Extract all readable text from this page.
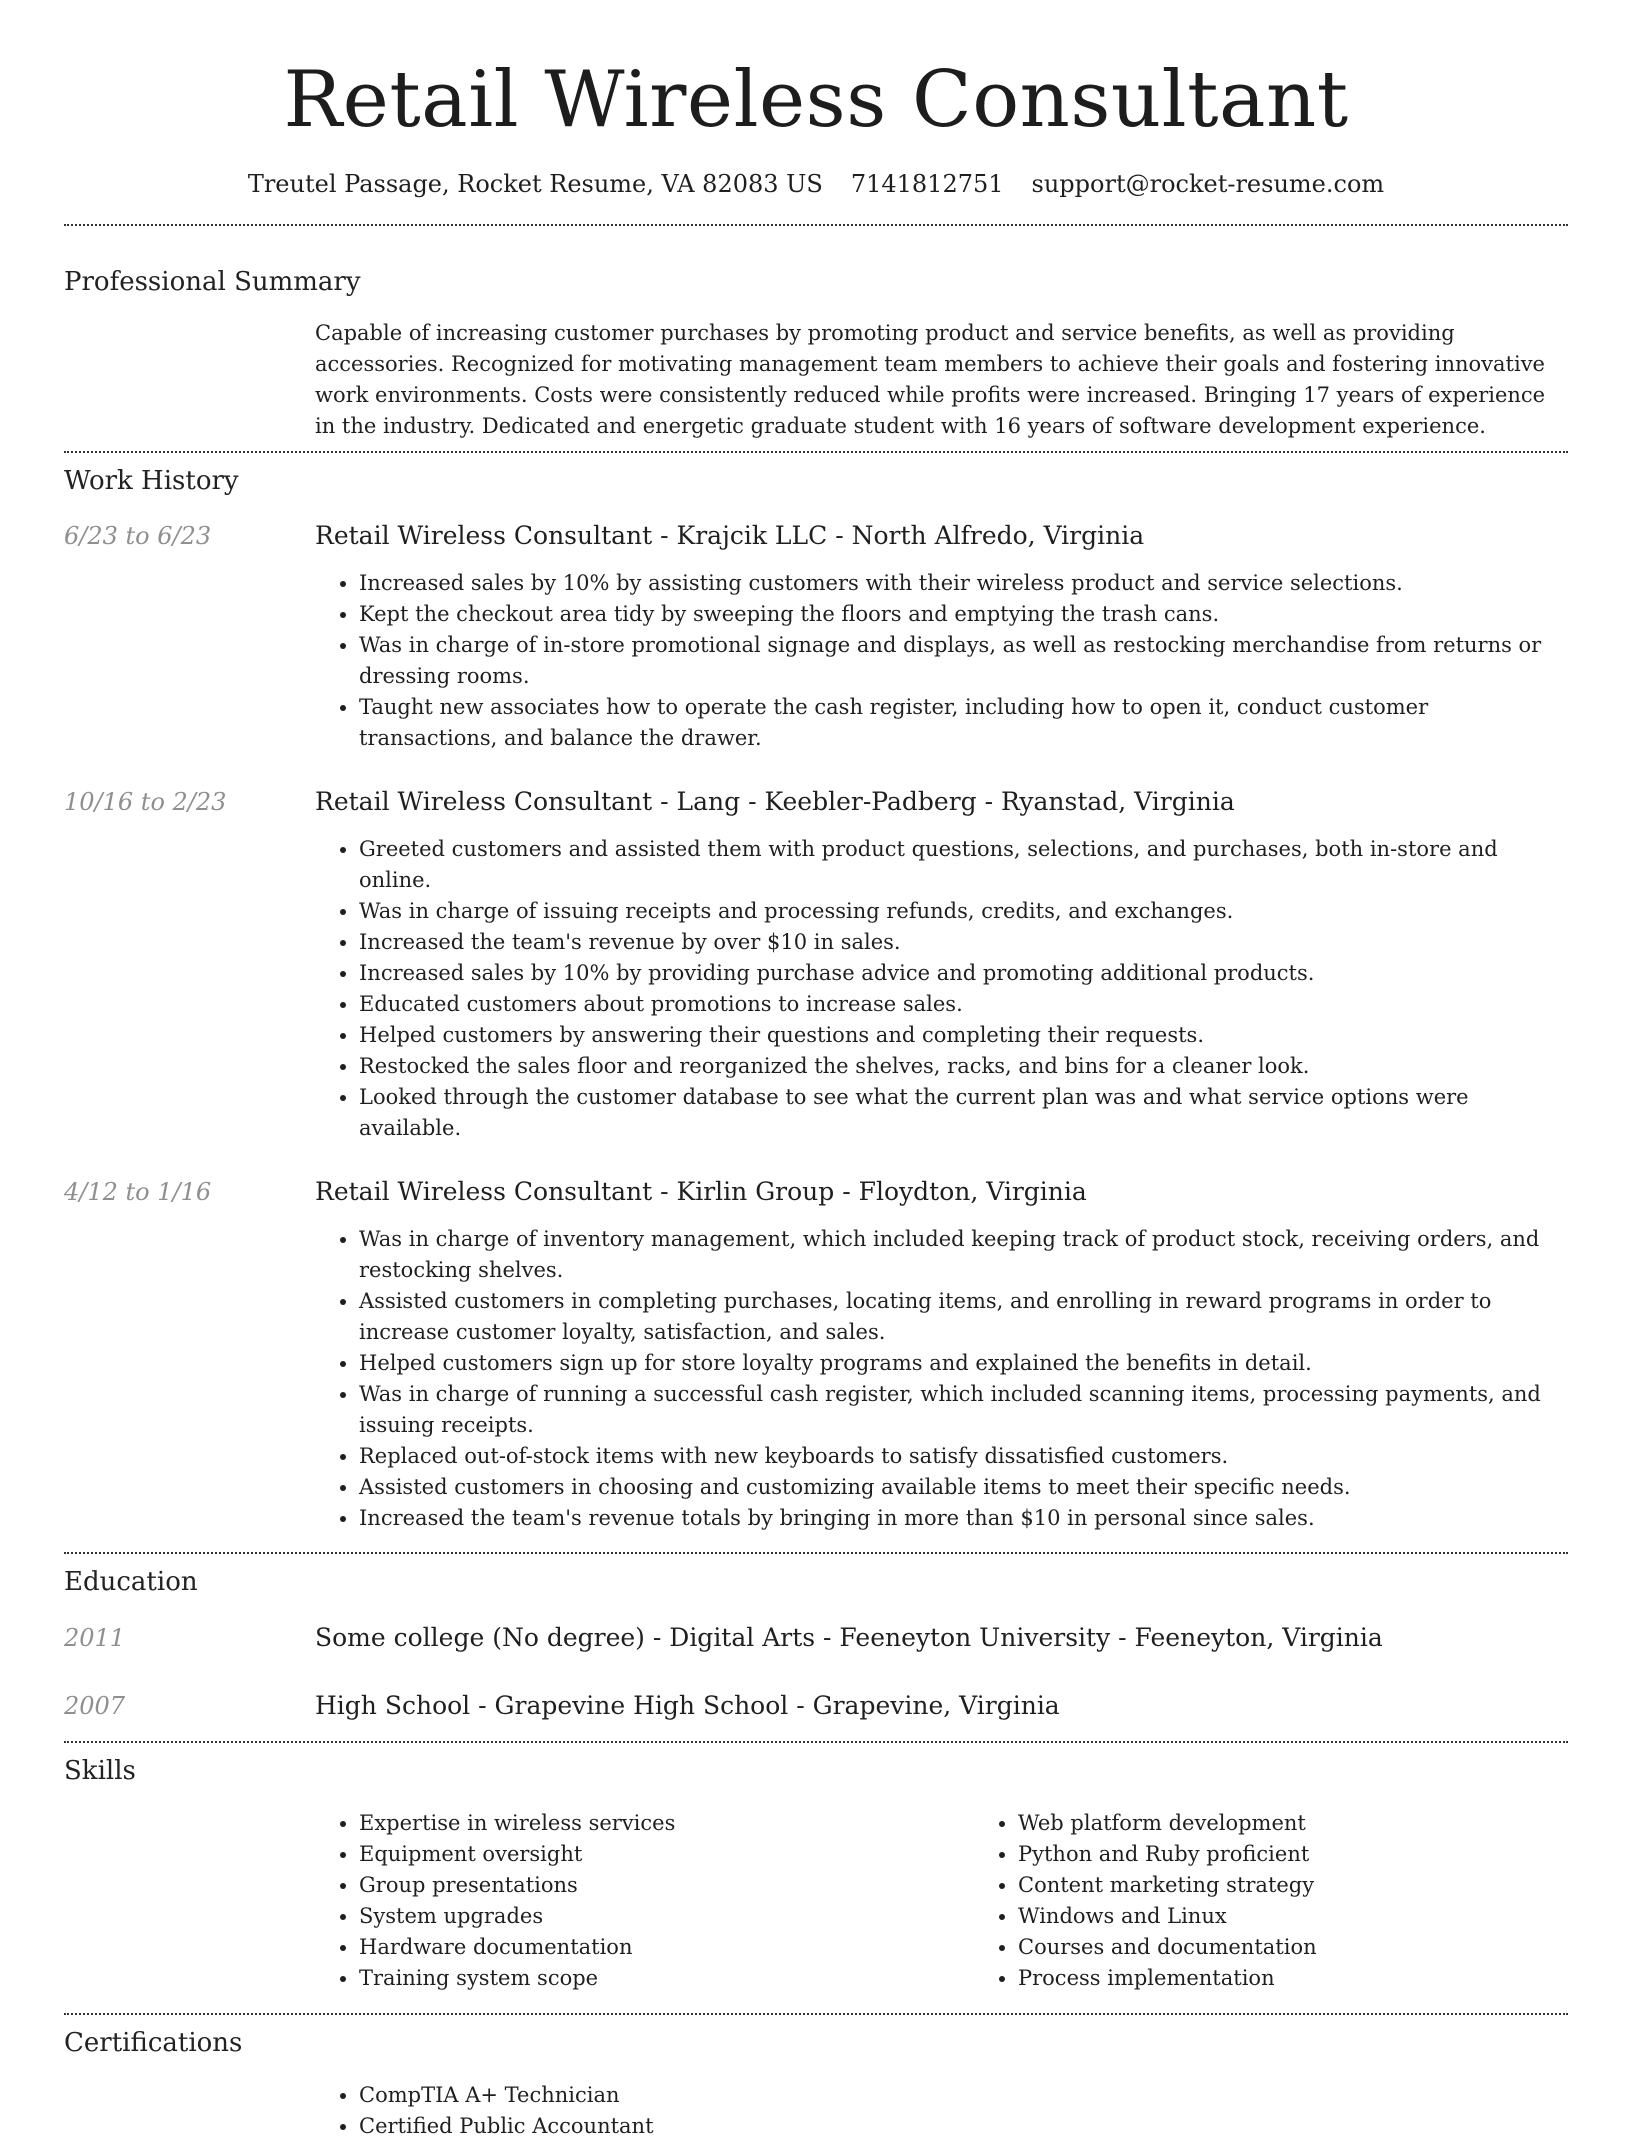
Retail Wireless Consultant
Treutel Passage, Rocket Resume, VA 82083 US 7141812751 support@rocket-resume.com
Professional Summary

Capable of increasing customer purchases by promoting product and service benefits, as well as providing accessories. Recognized for motivating management team members to achieve their goals and fostering innovative work environments. Costs were consistently reduced while profits were increased. Bringing 17 years of experience in the industry. Dedicated and energetic graduate student with 16 years of software development experience.

Work History
6/23 to 6/23	Retail Wireless Consultant - Krajcik LLC - North Alfredo, Virginia
• Increased sales by 10% by assisting customers with their wireless product and service selections.
• Kept the checkout area tidy by sweeping the floors and emptying the trash cans.
• Was in charge of in-store promotional signage and displays, as well as restocking merchandise from returns or dressing rooms.
• Taught new associates how to operate the cash register, including how to open it, conduct customer transactions, and balance the drawer.
10/16 to 2/23	Retail Wireless Consultant - Lang - Keebler-Padberg - Ryanstad, Virginia
• Greeted customers and assisted them with product questions, selections, and purchases, both in-store and online.
• Was in charge of issuing receipts and processing refunds, credits, and exchanges.
• Increased the team's revenue by over $10 in sales.
• Increased sales by 10% by providing purchase advice and promoting additional products.
• Educated customers about promotions to increase sales.
• Helped customers by answering their questions and completing their requests.
• Restocked the sales floor and reorganized the shelves, racks, and bins for a cleaner look.
• Looked through the customer database to see what the current plan was and what service options were available.
4/12 to 1/16	Retail Wireless Consultant - Kirlin Group - Floydton, Virginia
• Was in charge of inventory management, which included keeping track of product stock, receiving orders, and restocking shelves.
• Assisted customers in completing purchases, locating items, and enrolling in reward programs in order to increase customer loyalty, satisfaction, and sales.
• Helped customers sign up for store loyalty programs and explained the benefits in detail.
• Was in charge of running a successful cash register, which included scanning items, processing payments, and issuing receipts.
• Replaced out-of-stock items with new keyboards to satisfy dissatisfied customers.
• Assisted customers in choosing and customizing available items to meet their specific needs.
• Increased the team's revenue totals by bringing in more than $10 in personal since sales.
Education
2011	Some college (No degree) - Digital Arts - Feeneyton University - Feeneyton, Virginia
2007	High School - Grapevine High School - Grapevine, Virginia
Skills
• Expertise in wireless services
• Equipment oversight
• Group presentations
• System upgrades
• Hardware documentation
• Training system scope
• Web platform development
• Python and Ruby proficient
• Content marketing strategy
• Windows and Linux
• Courses and documentation
• Process implementation
Certifications
• CompTIA A+ Technician
• Certified Public Accountant
